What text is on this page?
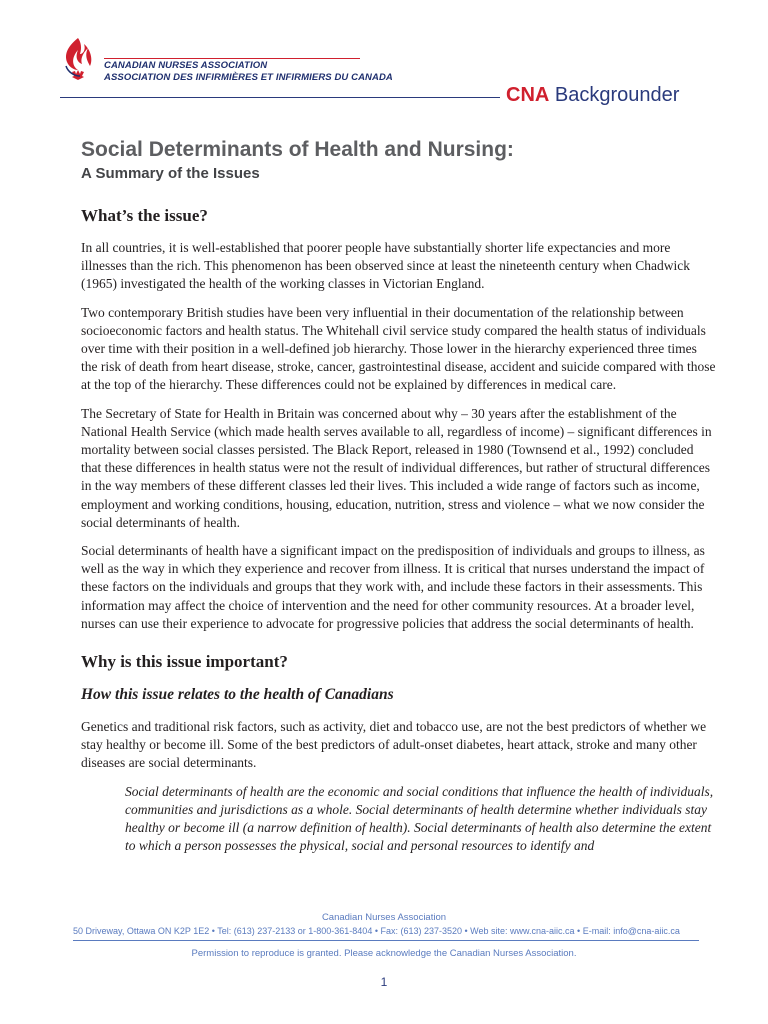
CANADIAN NURSES ASSOCIATION

ASSOCIATION DES INFIRMIÈRES ET INFIRMIERS DU CANADA

CNA Backgrounder
Social Determinants of Health and Nursing:
A Summary of the Issues
What’s the issue?

In all countries, it is well-established that poorer people have substantially shorter life expectancies and more illnesses than the rich. This phenomenon has been observed since at least the nineteenth century when Chadwick (1965) investigated the health of the working classes in Victorian England.

Two contemporary British studies have been very influential in their documentation of the relationship between socioeconomic factors and health status. The Whitehall civil service study compared the health status of individuals over time with their position in a well-defined job hierarchy. Those lower in the hierarchy experienced three times the risk of death from heart disease, stroke, cancer, gastrointestinal disease, accident and suicide compared with those at the top of the hierarchy. These differences could not be explained by differences in medical care.

The Secretary of State for Health in Britain was concerned about why – 30 years after the establishment of the National Health Service (which made health serves available to all, regardless of income) – significant differences in mortality between social classes persisted. The Black Report, released in 1980 (Townsend et al., 1992) concluded that these differences in health status were not the result of individual differences, but rather of structural differences in the way members of these different classes led their lives. This included a wide range of factors such as income, employment and working conditions, housing, education, nutrition, stress and violence – what we now consider the social determinants of health.

Social determinants of health have a significant impact on the predisposition of individuals and groups to illness, as well as the way in which they experience and recover from illness. It is critical that nurses understand the impact of these factors on the individuals and groups that they work with, and include these factors in their assessments. This information may affect the choice of intervention and the need for other community resources. At a broader level, nurses can use their experience to advocate for progressive policies that address the social determinants of health.

Why is this issue important?
How this issue relates to the health of Canadians

Genetics and traditional risk factors, such as activity, diet and tobacco use, are not the best predictors of whether we stay healthy or become ill. Some of the best predictors of adult-onset diabetes, heart attack, stroke and many other diseases are social determinants.

Social determinants of health are the economic and social conditions that influence the health of individuals, communities and jurisdictions as a whole. Social determinants of health determine whether individuals stay healthy or become ill (a narrow definition of health). Social determinants of health also determine the extent to which a person possesses the physical, social and personal resources to identify and

Canadian Nurses Association

50 Driveway, Ottawa ON K2P 1E2 • Tel: (613) 237-2133 or 1-800-361-8404 • Fax: (613) 237-3520 • Web site: www.cna-aiic.ca • E-mail: info@cna-aiic.ca

Permission to reproduce is granted. Please acknowledge the Canadian Nurses Association.

1
